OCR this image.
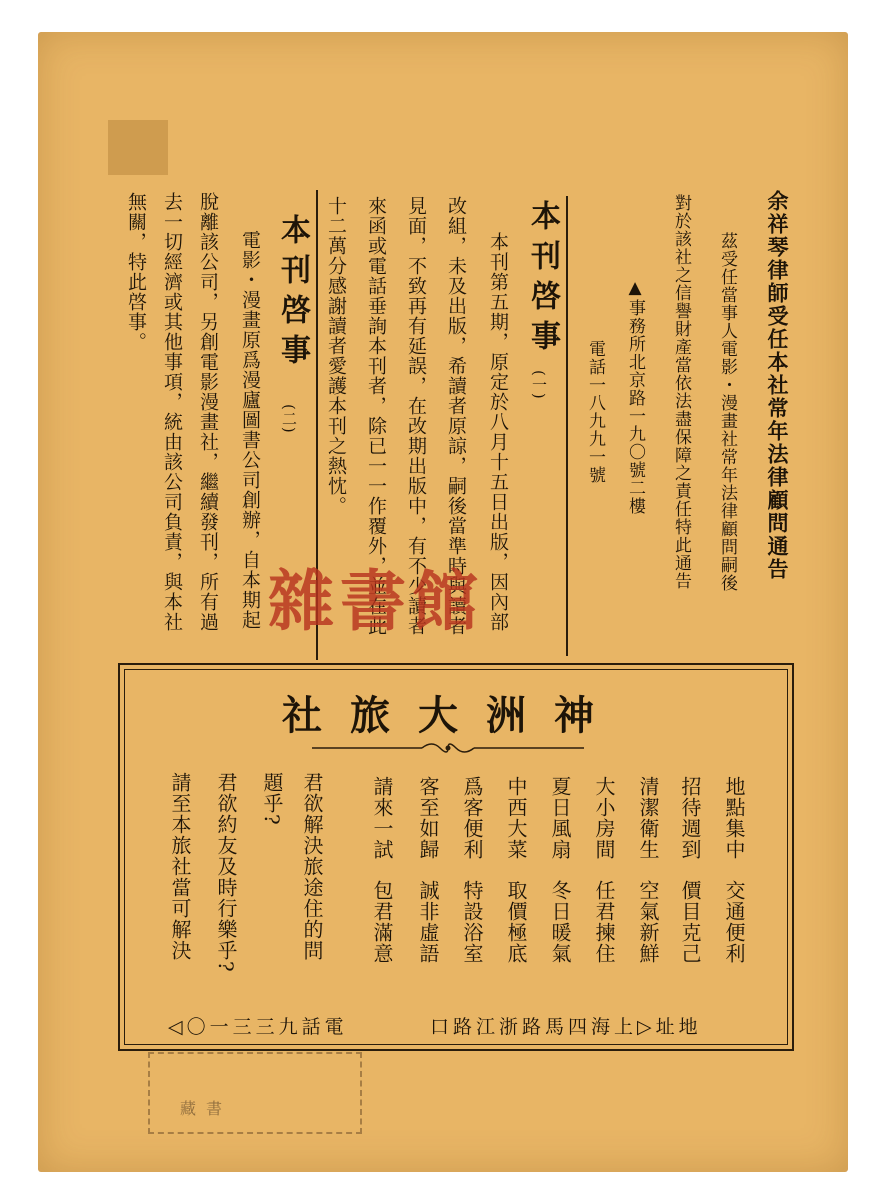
余祥琴律師受任本社常年法律顧問通告
茲受任當事人電影・漫畫社常年法律顧問嗣後
對於該社之信譽財產當依法盡保障之責任特此通告
▲事務所北京路一九〇號二樓
電話一八九九一號
本刊啓事
(一)
本刊第五期，原定於八月十五日出版，因內部
改組，未及出版，希讀者原諒，嗣後當準時與讀者
見面，不致再有延誤，在改期出版中，有不少讀者
來函或電話垂詢本刊者，除已一一作覆外，並在此
十二萬分感謝讀者愛護本刊之熱忱。
本刊啓事
(二)
電影・漫畫原爲漫廬圖書公司創辦，自本期起
脫離該公司，另創電影漫畫社，繼續發刊，所有過
去一切經濟或其他事項，統由該公司負責，與本社
無關，特此啓事。
雜書館
神洲大旅社
地點集中交通便利
招待週到價目克己
清潔衛生空氣新鮮
大小房間任君揀住
夏日風扇冬日暖氣
中西大菜取價極底
爲客便利特設浴室
客至如歸誠非虛語
請來一試包君滿意
君欲解決旅途住的問
題乎?
君欲約友及時行樂乎?
請至本旅社當可解決
地址▷上海四馬路浙江路口
電話九三三一〇◁
藏書
